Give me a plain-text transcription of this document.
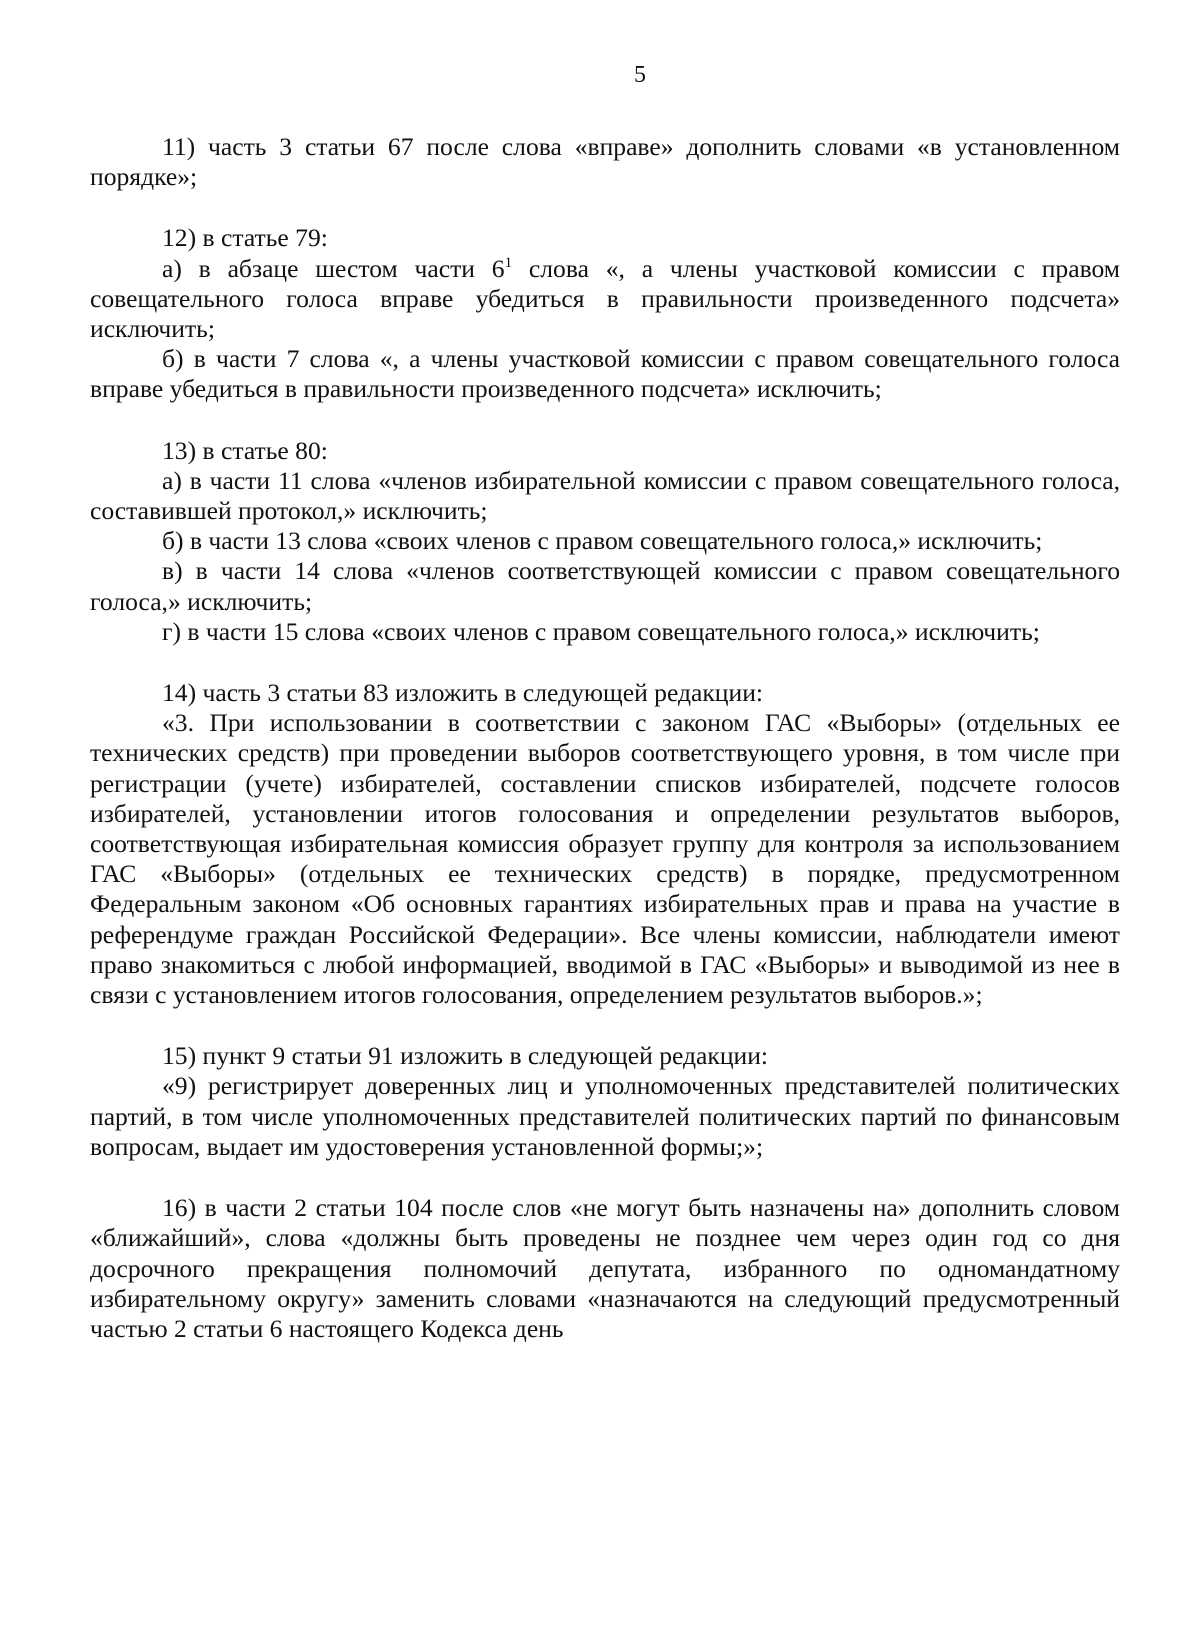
5

11) часть 3 статьи 67 после слова «вправе» дополнить словами «в установленном порядке»;

12) в статье 79:

а) в абзаце шестом части $6^1$ слова «, а члены участковой комиссии с правом совещательного голоса вправе убедиться в правильности произведенного подсчета» исключить;

б) в части 7 слова «, а члены участковой комиссии с правом совещательного голоса вправе убедиться в правильности произведенного подсчета» исключить;

13) в статье 80:

а) в части 11 слова «членов избирательной комиссии с правом совещательного голоса, составившей протокол,» исключить;

б) в части 13 слова «своих членов с правом совещательного голоса,» исключить;

в) в части 14 слова «членов соответствующей комиссии с правом совещательного голоса,» исключить;

г) в части 15 слова «своих членов с правом совещательного голоса,» исключить;

14) часть 3 статьи 83 изложить в следующей редакции:

«3. При использовании в соответствии с законом ГАС «Выборы» (отдельных ее технических средств) при проведении выборов соответствующего уровня, в том числе при регистрации (учете) избирателей, составлении списков избирателей, подсчете голосов избирателей, установлении итогов голосования и определении результатов выборов, соответствующая избирательная комиссия образует группу для контроля за использованием ГАС «Выборы» (отдельных ее технических средств) в порядке, предусмотренном Федеральным законом «Об основных гарантиях избирательных прав и права на участие в референдуме граждан Российской Федерации». Все члены комиссии, наблюдатели имеют право знакомиться с любой информацией, вводимой в ГАС «Выборы» и выводимой из нее в связи с установлением итогов голосования, определением результатов выборов.»;

15) пункт 9 статьи 91 изложить в следующей редакции:

«9) регистрирует доверенных лиц и уполномоченных представителей политических партий, в том числе уполномоченных представителей политических партий по финансовым вопросам, выдает им удостоверения установленной формы;»;

16) в части 2 статьи 104 после слов «не могут быть назначены на» дополнить словом «ближайший», слова «должны быть проведены не позднее чем через один год со дня досрочного прекращения полномочий депутата, избранного по одномандатному избирательному округу» заменить словами «назначаются на следующий предусмотренный частью 2 статьи 6 настоящего Кодекса день
